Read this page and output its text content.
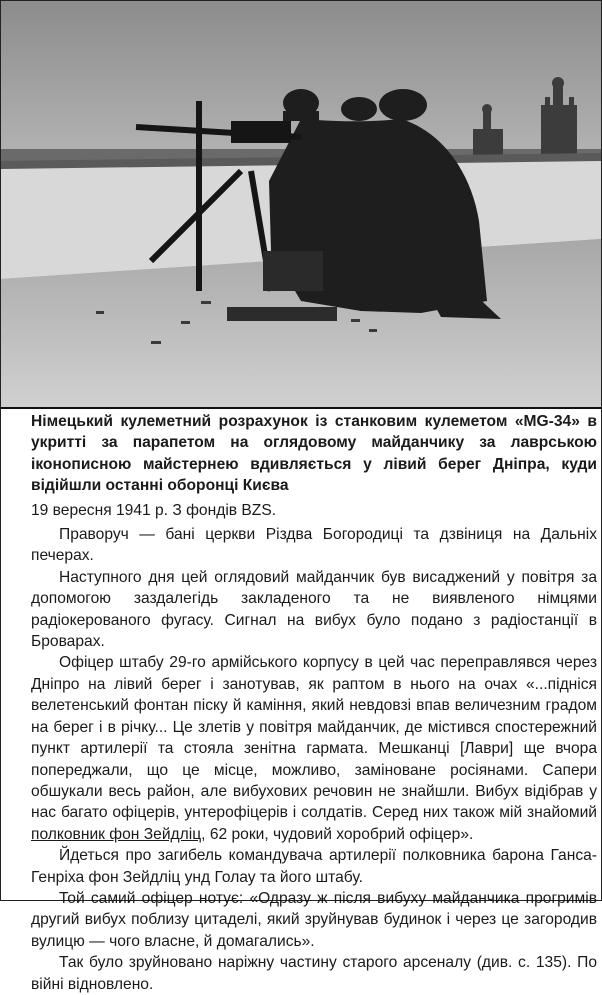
Німецький кулеметний розрахунок із станковим кулеметом «MG-34» в укритті за парапетом на оглядовому майданчику за лаврською іконописною майстернею вдивляється у лівий берег Дніпра, куди відійшли останні оборонці Києва

19 вересня 1941 р. З фондів BZS.

Праворуч — бані церкви Різдва Богородиці та дзвіниця на Дальніх печерах.

Наступного дня цей оглядовий майданчик був висаджений у повітря за допомогою заздалегідь закладеного та не виявленого німцями радіокерованого фугасу. Сигнал на вибух було подано з радіостанції в Броварах.

Офіцер штабу 29-го армійського корпусу в цей час переправлявся через Дніпро на лівий берег і занотував, як раптом в нього на очах «...підніся велетенський фонтан піску й каміння, який невдовзі впав величезним градом на берег і в річку... Це злетів у повітря майданчик, де містився спостережний пункт артилерії та стояла зенітна гармата. Мешканці [Лаври] ще вчора попереджали, що це місце, можливо, заміноване росіянами. Сапери обшукали весь район, але вибухових речовин не знайшли. Вибух відібрав у нас багато офіцерів, унтерофіцерів і солдатів. Серед них також мій знайомий полковник фон Зейдліц, 62 роки, чудовий хоробрий офіцер».

Йдеться про загибель командувача артилерії полковника барона Ганса-Генріха фон Зейдліц унд Голау та його штабу.

Той самий офіцер нотує: «Одразу ж після вибуху майданчика прогримів другий вибух поблизу цитаделі, який зруйнував будинок і через це загородив вулицю — чого власне, й домагались».

Так було зруйновано наріжну частину старого арсеналу (див. с. 135). По війні відновлено.
